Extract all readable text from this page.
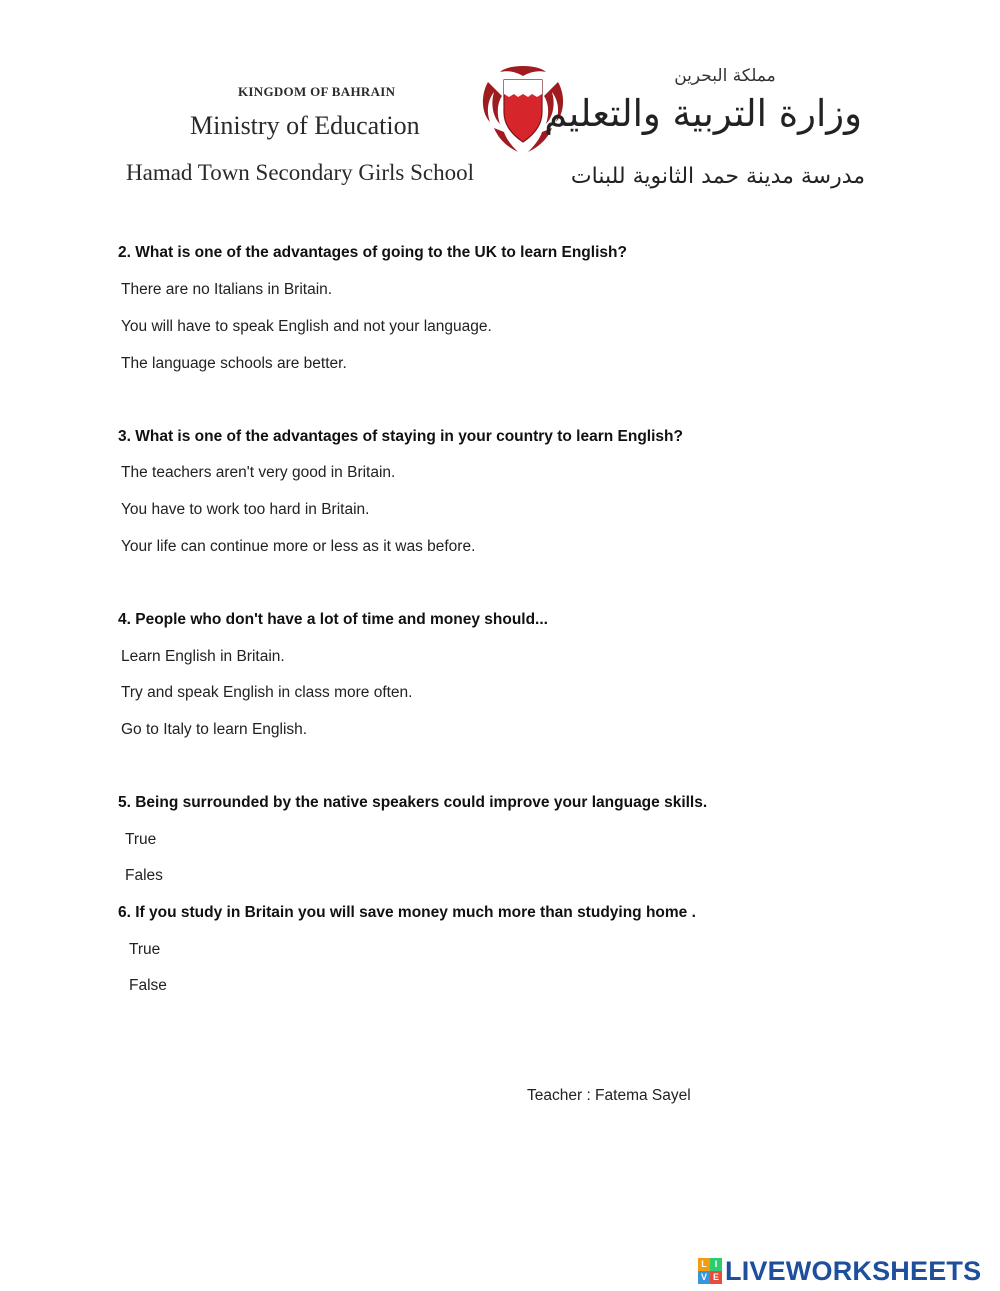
KINGDOM OF BAHRAIN
Ministry of Education
Hamad Town Secondary Girls School
مملكة البحرين
وزارة التربية والتعليم
مدرسة مدينة حمد الثانوية للبنات
2. What is one of the advantages of going to the UK to learn English?
There are no Italians in Britain.
You will have to speak English and not your language.
The language schools are better.
3. What is one of the advantages of staying in your country to learn English?
The teachers aren't very good in Britain.
You have to work too hard in Britain.
Your life can continue more or less as it was before.
4. People who don't have a lot of time and money should...
Learn English in Britain.
Try and speak English in class more often.
Go to Italy to learn English.
5. Being surrounded by the native speakers could improve your language skills.
True
Fales
6. If you study in Britain you will save money much more than studying home .
True
False
Teacher : Fatema Sayel
L I
V E LIVEWORKSHEETS
